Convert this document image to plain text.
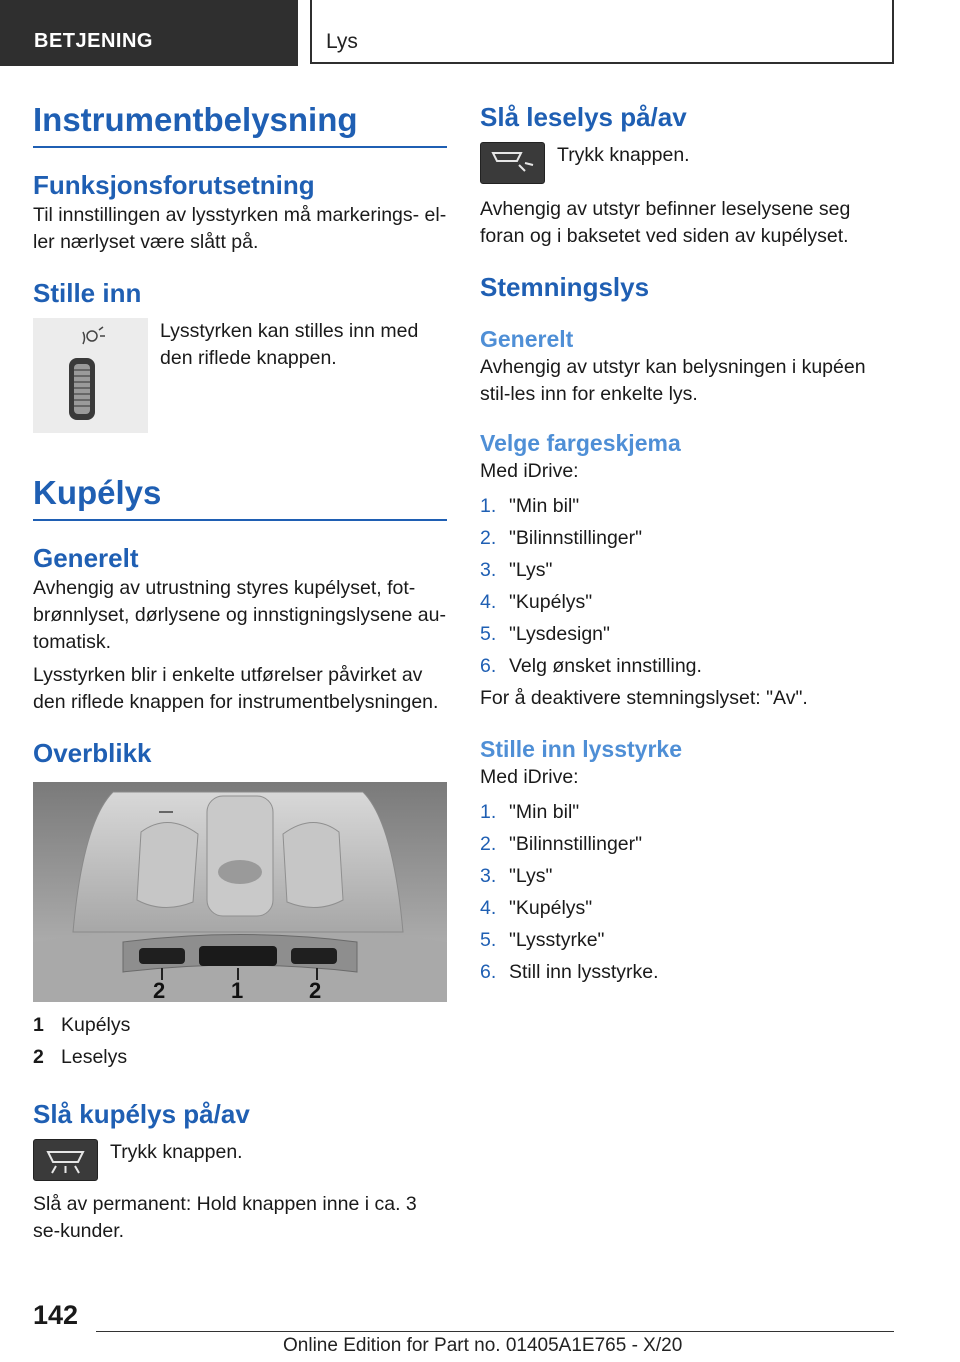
BETJENING	Lys
Instrumentbelysning
Funksjonsforutsetning

Til innstillingen av lysstyrken må markerings- el-ler nærlyset være slått på.

Stille inn

Lysstyrken kan stilles inn med den riflede knappen.

Kupélys
Generelt

Avhengig av utrustning styres kupélyset, fot-brønnlyset, dørlysene og innstigningslysene au-tomatisk.

Lysstyrken blir i enkelte utførelser påvirket av den riflede knappen for instrumentbelysningen.

Overblikk
2	1	2
1 Kupélys
2 Leselys
Slå kupélys på/av

Trykk knappen.

Slå av permanent: Hold knappen inne i ca. 3 se-kunder.

Slå leselys på/av

Trykk knappen.

Avhengig av utstyr befinner leselysene seg foran og i baksetet ved siden av kupélyset.

Stemningslys
Generelt

Avhengig av utstyr kan belysningen i kupéen stil-les inn for enkelte lys.

Velge fargeskjema

Med iDrive:

1. "Min bil"
2. "Bilinnstillinger"
3. "Lys"
4. "Kupélys"
5. "Lysdesign"
6. Velg ønsket innstilling.

For å deaktivere stemningslyset: "Av".

Stille inn lysstyrke

Med iDrive:

1. "Min bil"
2. "Bilinnstillinger"
3. "Lys"
4. "Kupélys"
5. "Lysstyrke"
6. Still inn lysstyrke.
142
Online Edition for Part no. 01405A1E765 - X/20
